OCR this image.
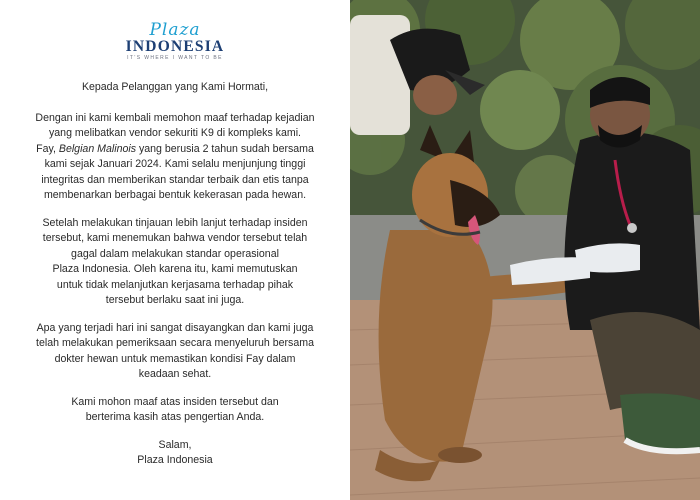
Plaza
INDONESIA
IT'S WHERE I WANT TO BE

Kepada Pelanggan yang Kami Hormati,

Dengan ini kami kembali memohon maaf terhadap kejadian
yang melibatkan vendor sekuriti K9 di kompleks kami.
Fay, Belgian Malinois yang berusia 2 tahun sudah bersama
kami sejak Januari 2024. Kami selalu menjunjung tinggi
integritas dan memberikan standar terbaik dan etis tanpa
membenarkan berbagai bentuk kekerasan pada hewan.

Setelah melakukan tinjauan lebih lanjut terhadap insiden
tersebut, kami menemukan bahwa vendor tersebut telah
gagal dalam melakukan standar operasional
Plaza Indonesia. Oleh karena itu, kami memutuskan
untuk tidak melanjutkan kerjasama terhadap pihak
tersebut berlaku saat ini juga.

Apa yang terjadi hari ini sangat disayangkan dan kami juga
telah melakukan pemeriksaan secara menyeluruh bersama
dokter hewan untuk memastikan kondisi Fay dalam
keadaan sehat.

Kami mohon maaf atas insiden tersebut dan
berterima kasih atas pengertian Anda.

Salam,
Plaza Indonesia
